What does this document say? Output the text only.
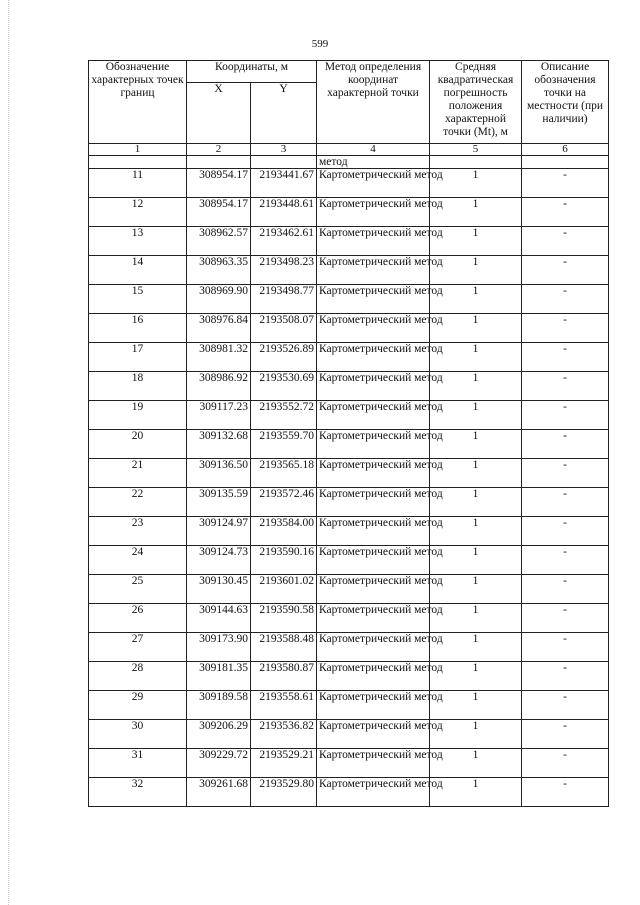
599
Обозначение характерных точек границ	Координаты, м		Метод определения координат характерной точки	Средняя квадратическая погрешность положения характерной точки (Mt), м	Описание обозначения точки на местности (при наличии)
	X	Y			
1	2	3	4	5	6
			метод		
11	308954.17	2193441.67	Картометрический метод	1	-
12	308954.17	2193448.61	Картометрический метод	1	-
13	308962.57	2193462.61	Картометрический метод	1	-
14	308963.35	2193498.23	Картометрический метод	1	-
15	308969.90	2193498.77	Картометрический метод	1	-
16	308976.84	2193508.07	Картометрический метод	1	-
17	308981.32	2193526.89	Картометрический метод	1	-
18	308986.92	2193530.69	Картометрический метод	1	-
19	309117.23	2193552.72	Картометрический метод	1	-
20	309132.68	2193559.70	Картометрический метод	1	-
21	309136.50	2193565.18	Картометрический метод	1	-
22	309135.59	2193572.46	Картометрический метод	1	-
23	309124.97	2193584.00	Картометрический метод	1	-
24	309124.73	2193590.16	Картометрический метод	1	-
25	309130.45	2193601.02	Картометрический метод	1	-
26	309144.63	2193590.58	Картометрический метод	1	-
27	309173.90	2193588.48	Картометрический метод	1	-
28	309181.35	2193580.87	Картометрический метод	1	-
29	309189.58	2193558.61	Картометрический метод	1	-
30	309206.29	2193536.82	Картометрический метод	1	-
31	309229.72	2193529.21	Картометрический метод	1	-
32	309261.68	2193529.80	Картометрический метод	1	-
